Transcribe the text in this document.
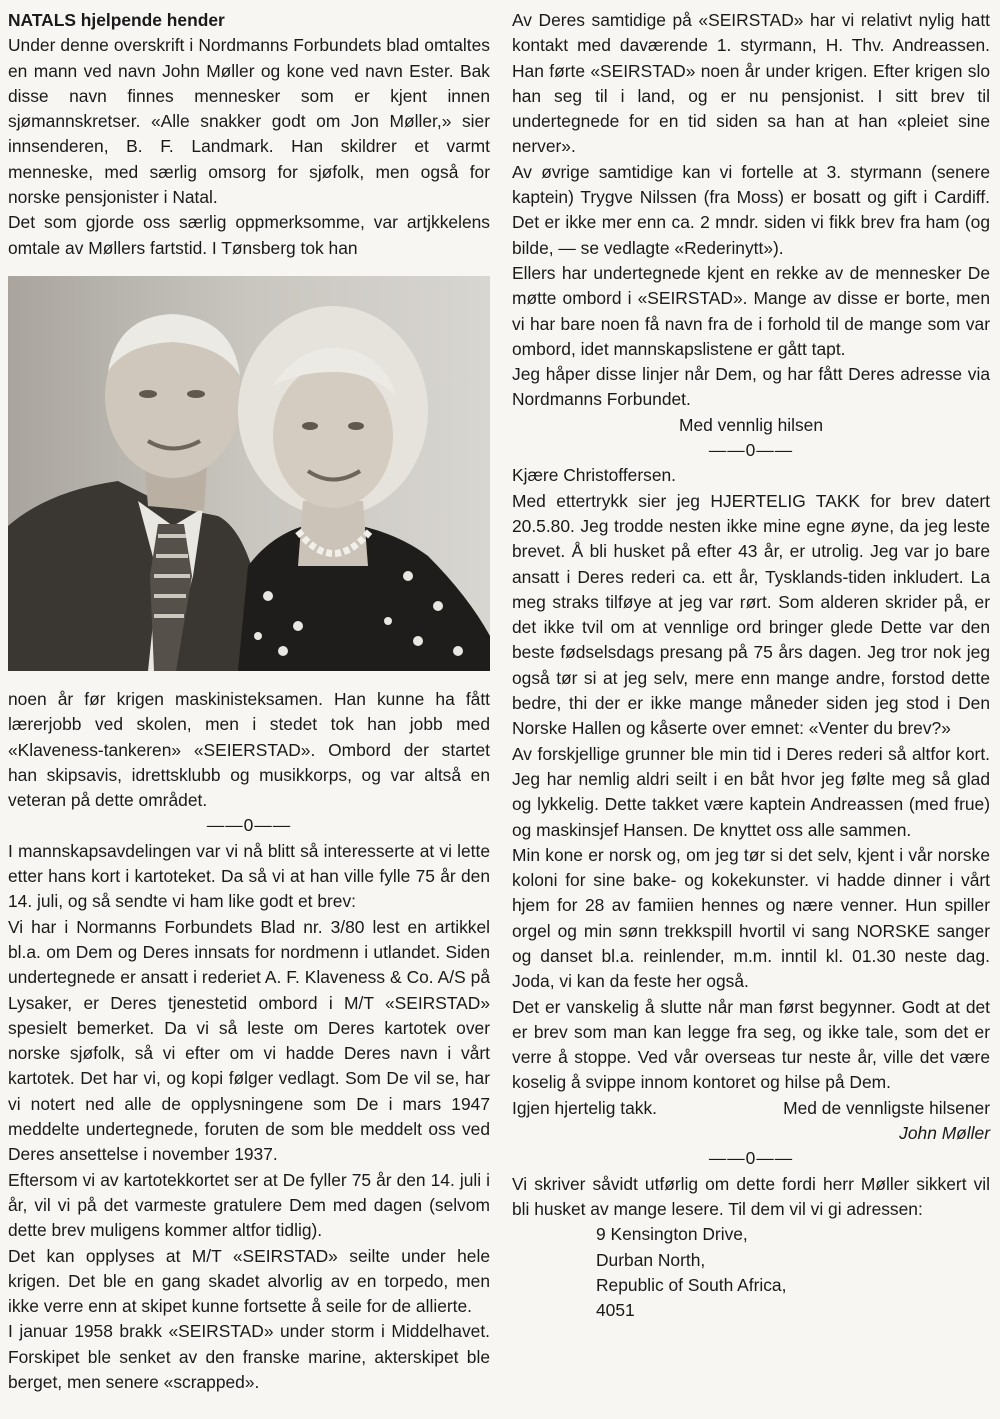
NATALS hjelpende hender

Under denne overskrift i Nordmanns Forbundets blad omtaltes en mann ved navn John Møller og kone ved navn Ester. Bak disse navn finnes mennesker som er kjent innen sjømannskretser. «Alle snakker godt om Jon Møller,» sier innsenderen, B. F. Landmark. Han skildrer et varmt menneske, med særlig omsorg for sjøfolk, men også for norske pensjonister i Natal.

Det som gjorde oss særlig oppmerksomme, var artjkkelens omtale av Møllers fartstid. I Tønsberg tok han

noen år før krigen maskinisteksamen. Han kunne ha fått lærerjobb ved skolen, men i stedet tok han jobb med «Klaveness-tankeren» «SEIERSTAD». Ombord der startet han skipsavis, idrettsklubb og musikkorps, og var altså en veteran på dette området.

——0——

I mannskapsavdelingen var vi nå blitt så interesserte at vi lette etter hans kort i kartoteket. Da så vi at han ville fylle 75 år den 14. juli, og så sendte vi ham like godt et brev:

Vi har i Normanns Forbundets Blad nr. 3/80 lest en artikkel bl.a. om Dem og Deres innsats for nordmenn i utlandet. Siden undertegnede er ansatt i rederiet A. F. Klaveness & Co. A/S på Lysaker, er Deres tjenestetid ombord i M/T «SEIRSTAD» spesielt bemerket. Da vi så leste om Deres kartotek over norske sjøfolk, så vi efter om vi hadde Deres navn i vårt kartotek. Det har vi, og kopi følger vedlagt. Som De vil se, har vi notert ned alle de opplysningene som De i mars 1947 meddelte undertegnede, foruten de som ble meddelt oss ved Deres ansettelse i november 1937.

Eftersom vi av kartotekkortet ser at De fyller 75 år den 14. juli i år, vil vi på det varmeste gratulere Dem med dagen (selvom dette brev muligens kommer altfor tidlig).

Det kan opplyses at M/T «SEIRSTAD» seilte under hele krigen. Det ble en gang skadet alvorlig av en torpedo, men ikke verre enn at skipet kunne fortsette å seile for de allierte.

I januar 1958 brakk «SEIRSTAD» under storm i Middelhavet. Forskipet ble senket av den franske marine, akterskipet ble berget, men senere «scrapped».

Av Deres samtidige på «SEIRSTAD» har vi relativt nylig hatt kontakt med daværende 1. styrmann, H. Thv. Andreassen. Han førte «SEIRSTAD» noen år under krigen. Efter krigen slo han seg til i land, og er nu pensjonist. I sitt brev til undertegnede for en tid siden sa han at han «pleiet sine nerver».

Av øvrige samtidige kan vi fortelle at 3. styrmann (senere kaptein) Trygve Nilssen (fra Moss) er bosatt og gift i Cardiff. Det er ikke mer enn ca. 2 mndr. siden vi fikk brev fra ham (og bilde, — se vedlagte «Rederinytt»).

Ellers har undertegnede kjent en rekke av de mennesker De møtte ombord i «SEIRSTAD». Mange av disse er borte, men vi har bare noen få navn fra de i forhold til de mange som var ombord, idet mannskapslistene er gått tapt.

Jeg håper disse linjer når Dem, og har fått Deres adresse via Nordmanns Forbundet.

Med vennlig hilsen

——0——

Kjære Christoffersen.

Med ettertrykk sier jeg HJERTELIG TAKK for brev datert 20.5.80. Jeg trodde nesten ikke mine egne øyne, da jeg leste brevet. Å bli husket på efter 43 år, er utrolig. Jeg var jo bare ansatt i Deres rederi ca. ett år, Tysklands-tiden inkludert. La meg straks tilføye at jeg var rørt. Som alderen skrider på, er det ikke tvil om at vennlige ord bringer glede Dette var den beste fødselsdags presang på 75 års dagen. Jeg tror nok jeg også tør si at jeg selv, mere enn mange andre, forstod dette bedre, thi der er ikke mange måneder siden jeg stod i Den Norske Hallen og kåserte over emnet: «Venter du brev?»

Av forskjellige grunner ble min tid i Deres rederi så altfor kort. Jeg har nemlig aldri seilt i en båt hvor jeg følte meg så glad og lykkelig. Dette takket være kaptein Andreassen (med frue) og maskinsjef Hansen. De knyttet oss alle sammen.

Min kone er norsk og, om jeg tør si det selv, kjent i vår norske koloni for sine bake- og kokekunster. vi hadde dinner i vårt hjem for 28 av famiien hennes og nære venner. Hun spiller orgel og min sønn trekkspill hvortil vi sang NORSKE sanger og danset bl.a. reinlender, m.m. inntil kl. 01.30 neste dag. Joda, vi kan da feste her også.

Det er vanskelig å slutte når man først begynner. Godt at det er brev som man kan legge fra seg, og ikke tale, som det er verre å stoppe. Ved vår overseas tur neste år, ville det være koselig å svippe innom kontoret og hilse på Dem.

Igjen hjertelig takk.	Med de vennligste hilsener

John Møller

——0——

Vi skriver såvidt utførlig om dette fordi herr Møller sikkert vil bli husket av mange lesere. Til dem vil vi gi adressen:

9 Kensington Drive,
Durban North,
Republic of South Africa,
4051
